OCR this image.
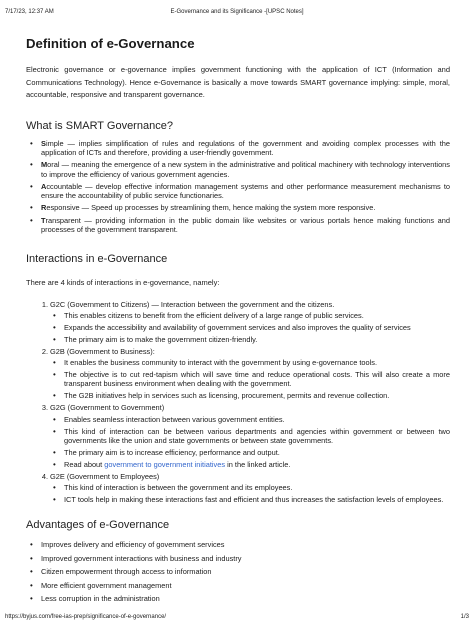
7/17/23, 12:37 AM	E-Governance and its Significance -[UPSC Notes]
Definition of e-Governance

Electronic governance or e-governance implies government functioning with the application of ICT (Information and Communications Technology). Hence e-Governance is basically a move towards SMART governance implying: simple, moral, accountable, responsive and transparent governance.

What is SMART Governance?
• Simple — implies simplification of rules and regulations of the government and avoiding complex processes with the application of ICTs and therefore, providing a user-friendly government.
• Moral — meaning the emergence of a new system in the administrative and political machinery with technology interventions to improve the efficiency of various government agencies.
• Accountable — develop effective information management systems and other performance measurement mechanisms to ensure the accountability of public service functionaries.
• Responsive — Speed up processes by streamlining them, hence making the system more responsive.
• Transparent — providing information in the public domain like websites or various portals hence making functions and processes of the government transparent.
Interactions in e-Governance

There are 4 kinds of interactions in e-governance, namely:

1. G2C (Government to Citizens) — Interaction between the government and the citizens.
• This enables citizens to benefit from the efficient delivery of a large range of public services.
• Expands the accessibility and availability of government services and also improves the quality of services
• The primary aim is to make the government citizen-friendly.
2. G2B (Government to Business):
• It enables the business community to interact with the government by using e-governance tools.
• The objective is to cut red-tapism which will save time and reduce operational costs. This will also create a more transparent business environment when dealing with the government.
• The G2B initiatives help in services such as licensing, procurement, permits and revenue collection.
3. G2G (Government to Government)
• Enables seamless interaction between various government entities.
• This kind of interaction can be between various departments and agencies within government or between two governments like the union and state governments or between state governments.
• The primary aim is to increase efficiency, performance and output.
• Read about government to government initiatives in the linked article.
4. G2E (Government to Employees)
• This kind of interaction is between the government and its employees.
• ICT tools help in making these interactions fast and efficient and thus increases the satisfaction levels of employees.
Advantages of e-Governance
• Improves delivery and efficiency of government services
• Improved government interactions with business and industry
• Citizen empowerment through access to information
• More efficient government management
• Less corruption in the administration
https://byjus.com/free-ias-prep/significance-of-e-governance/	1/3
